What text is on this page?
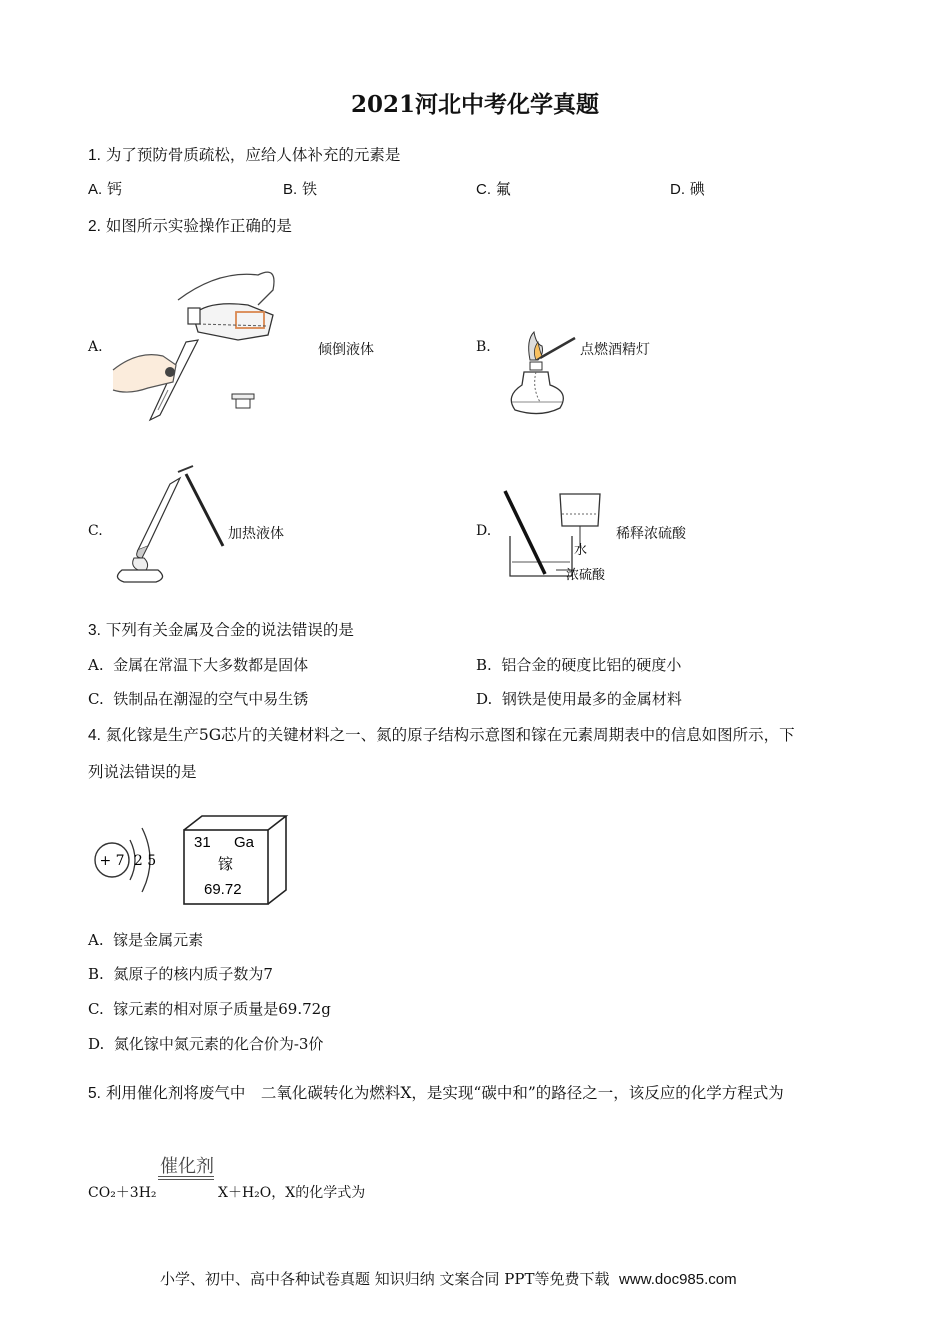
2021河北中考化学真题
1. 为了预防骨质疏松，应给人体补充的元素是
A. 钙	B. 铁	C. 氟	D. 碘
2. 如图所示实验操作正确的是
A.	倾倒液体	B.	点燃酒精灯
C.	加热液体	D.
水
浓硫酸
稀释浓硫酸
3. 下列有关金属及合金的说法错误的是
A. 金属在常温下大多数都是固体	B. 铝合金的硬度比铝的硬度小
C. 铁制品在潮湿的空气中易生锈	D. 钢铁是使用最多的金属材料
4. 氮化镓是生产5G芯片的关键材料之一、氮的原子结构示意图和镓在元素周期表中的信息如图所示，下
列说法错误的是
+ 7 2 5
31 Ga
镓
69.72
A. 镓是金属元素
B. 氮原子的核内质子数为7
C. 镓元素的相对原子质量是69.72g
D. 氮化镓中氮元素的化合价为-3价
5. 利用催化剂将废气中　二氧化碳转化为燃料X，是实现“碳中和”的路径之一，该反应的化学方程式为
催化剂
CO₂＋3H₂	X＋H₂O，X的化学式为
小学、初中、高中各种试卷真题 知识归纳 文案合同 PPT等免费下载 www.doc985.com
